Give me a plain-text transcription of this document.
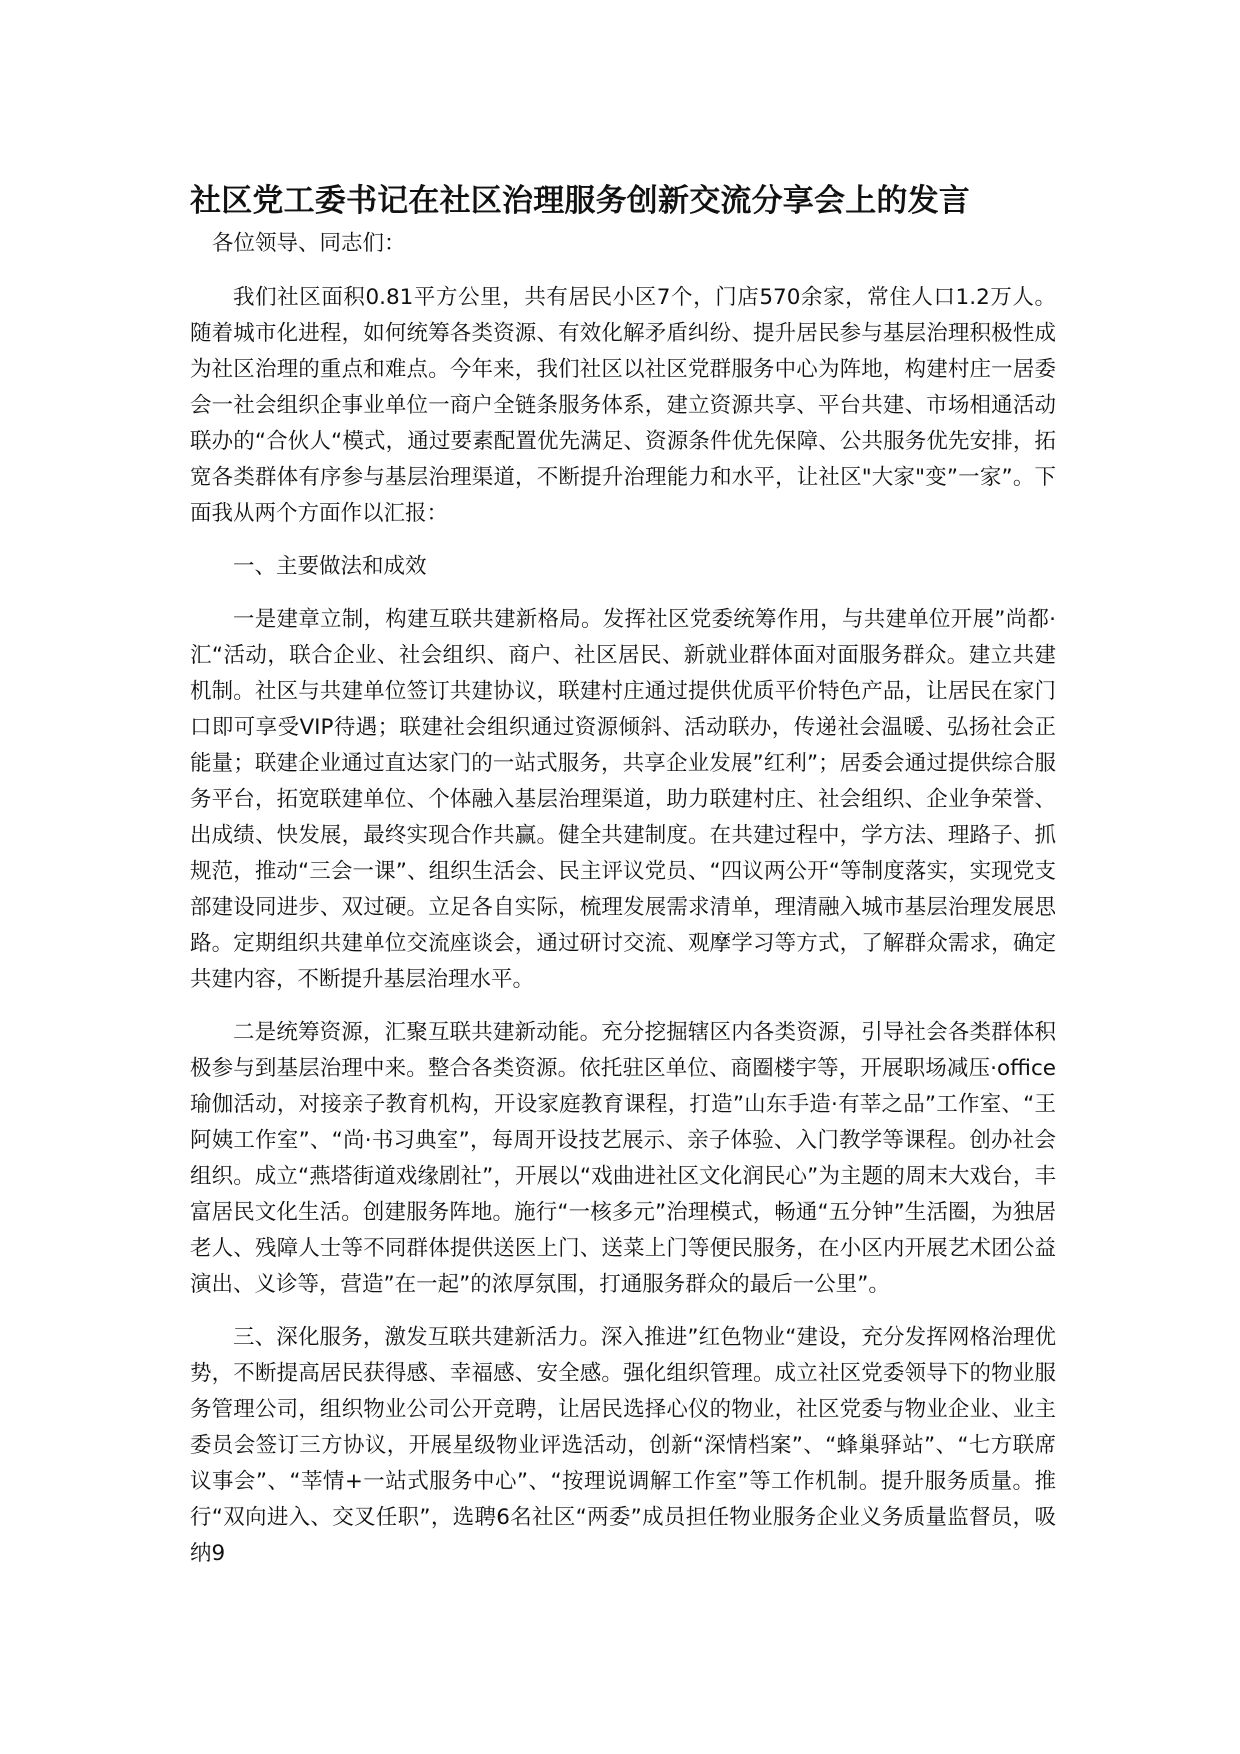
社区党工委书记在社区治理服务创新交流分享会上的发言

各位领导、同志们：

我们社区面积0.81平方公里，共有居民小区7个，门店570余家，常住人口1.2万人。随着城市化进程，如何统筹各类资源、有效化解矛盾纠纷、提升居民参与基层治理积极性成为社区治理的重点和难点。今年来，我们社区以社区党群服务中心为阵地，构建村庄一居委会一社会组织企事业单位一商户全链条服务体系，建立资源共享、平台共建、市场相通活动联办的“合伙人“模式，通过要素配置优先满足、资源条件优先保障、公共服务优先安排，拓宽各类群体有序参与基层治理渠道，不断提升治理能力和水平，让社区"大家"变”一家”。下面我从两个方面作以汇报：

一、主要做法和成效

一是建章立制，构建互联共建新格局。发挥社区党委统筹作用，与共建单位开展”尚都·汇“活动，联合企业、社会组织、商户、社区居民、新就业群体面对面服务群众。建立共建机制。社区与共建单位签订共建协议，联建村庄通过提供优质平价特色产品，让居民在家门口即可享受VIP待遇；联建社会组织通过资源倾斜、活动联办，传递社会温暖、弘扬社会正能量；联建企业通过直达家门的一站式服务，共享企业发展”红利”；居委会通过提供综合服务平台，拓宽联建单位、个体融入基层治理渠道，助力联建村庄、社会组织、企业争荣誉、出成绩、快发展，最终实现合作共赢。健全共建制度。在共建过程中，学方法、理路子、抓规范，推动“三会一课”、组织生活会、民主评议党员、“四议两公开“等制度落实，实现党支部建设同进步、双过硬。立足各自实际，梳理发展需求清单，理清融入城市基层治理发展思路。定期组织共建单位交流座谈会，通过研讨交流、观摩学习等方式，了解群众需求，确定共建内容，不断提升基层治理水平。

二是统筹资源，汇聚互联共建新动能。充分挖掘辖区内各类资源，引导社会各类群体积极参与到基层治理中来。整合各类资源。依托驻区单位、商圈楼宇等，开展职场减压·office瑜伽活动，对接亲子教育机构，开设家庭教育课程，打造”山东手造·有莘之品”工作室、“王阿姨工作室”、“尚·书习典室”，每周开设技艺展示、亲子体验、入门教学等课程。创办社会组织。成立“燕塔街道戏缘剧社”，开展以“戏曲进社区文化润民心”为主题的周末大戏台，丰富居民文化生活。创建服务阵地。施行“一核多元”治理模式，畅通“五分钟”生活圈，为独居老人、残障人士等不同群体提供送医上门、送菜上门等便民服务，在小区内开展艺术团公益演出、义诊等，营造”在一起”的浓厚氛围，打通服务群众的最后一公里”。

三、深化服务，激发互联共建新活力。深入推进”红色物业“建设，充分发挥网格治理优势，不断提高居民获得感、幸福感、安全感。强化组织管理。成立社区党委领导下的物业服务管理公司，组织物业公司公开竞聘，让居民选择心仪的物业，社区党委与物业企业、业主委员会签订三方协议，开展星级物业评选活动，创新“深情档案”、“蜂巢驿站”、“七方联席议事会”、“莘情+一站式服务中心”、“按理说调解工作室”等工作机制。提升服务质量。推行“双向进入、交叉任职”，选聘6名社区“两委”成员担任物业服务企业义务质量监督员，吸纳9
